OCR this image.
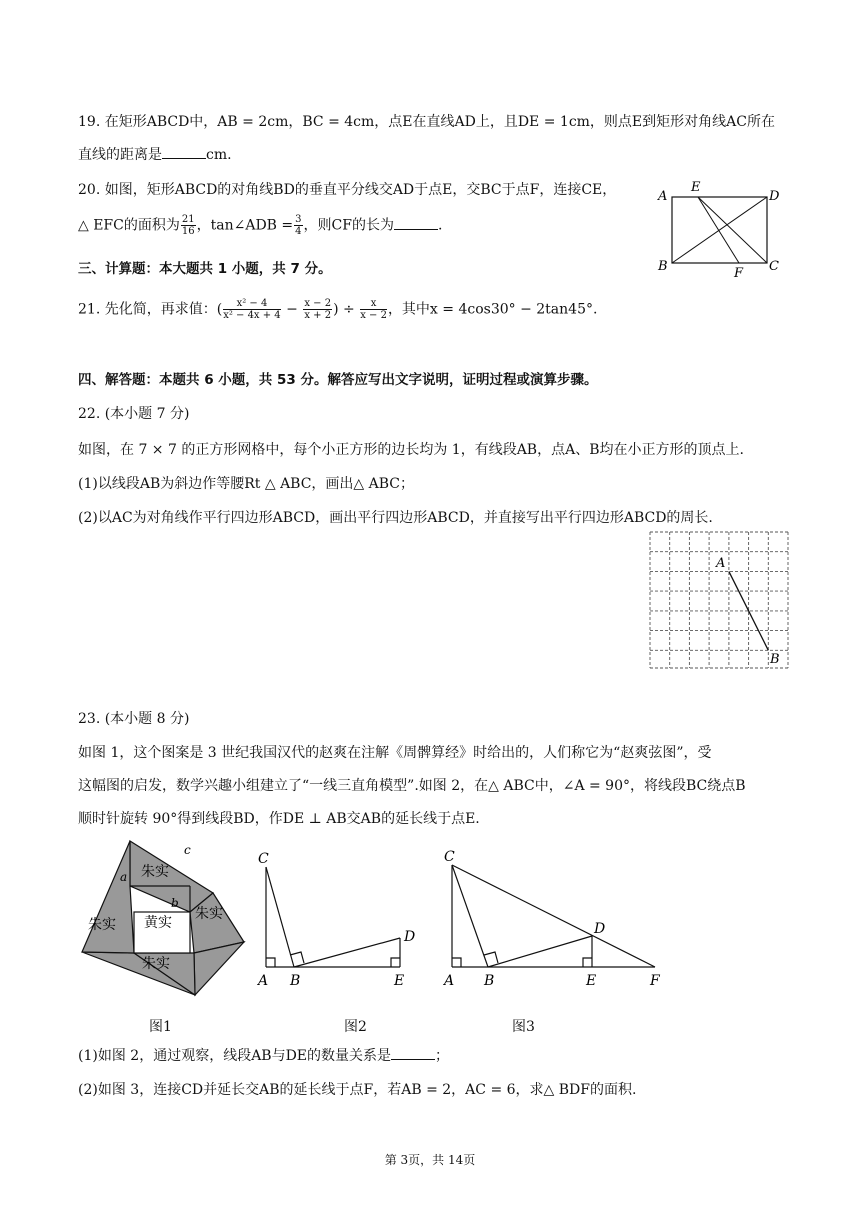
19. 在矩形ABCD中，AB = 2cm，BC = 4cm，点E在直线AD上，且DE = 1cm，则点E到矩形对角线AC所在
直线的距离是	cm.
20. 如图，矩形ABCD的对角线BD的垂直平分线交AD于点E，交BC于点F，连接CE，
△ EFC的面积为 $\frac{21}{16}$ ，tan∠ADB = $\frac{3}{4}$ ，则CF的长为	.
A
E
D
B	F C
三、计算题：本大题共 1 小题，共 7 分。
21. 先化简，再求值：( $\frac{\text{x² − 4}}{\text{x² − 4x + 4}} - \frac{x - 2}{x + 2}$ ) ÷ $\frac{x}{x - 2}$ ，其中x = 4cos30° − 2tan45°.
四、解答题：本题共 6 小题，共 53 分。解答应写出文字说明，证明过程或演算步骤。
22. (本小题 7 分)
如图，在 7 × 7 的正方形网格中，每个小正方形的边长均为 1，有线段AB，点A、B均在小正方形的顶点上.
(1)以线段AB为斜边作等腰Rt △ ABC，画出△ ABC；
(2)以AC为对角线作平行四边形ABCD，画出平行四边形ABCD，并直接写出平行四边形ABCD的周长.
A
B
23. (本小题 8 分)
如图 1，这个图案是 3 世纪我国汉代的赵爽在注解《周髀算经》时给出的，人们称它为“赵爽弦图”，受
这幅图的启发，数学兴趣小组建立了“一线三直角模型”.如图 2，在△ ABC中，∠A = 90°，将线段BC绕点B
顺时针旋转 90°得到线段BD，作DE ⊥ AB交AB的延长线于点E.
朱实
朱实
朱实
朱实 黄实
a
b
c
C
A B
D
E
C
A B
D
E	F
图1	图2	图3
(1)如图 2，通过观察，线段AB与DE的数量关系是	；
(2)如图 3，连接CD并延长交AB的延长线于点F，若AB = 2，AC = 6，求△ BDF的面积.
第 3页，共 14页
